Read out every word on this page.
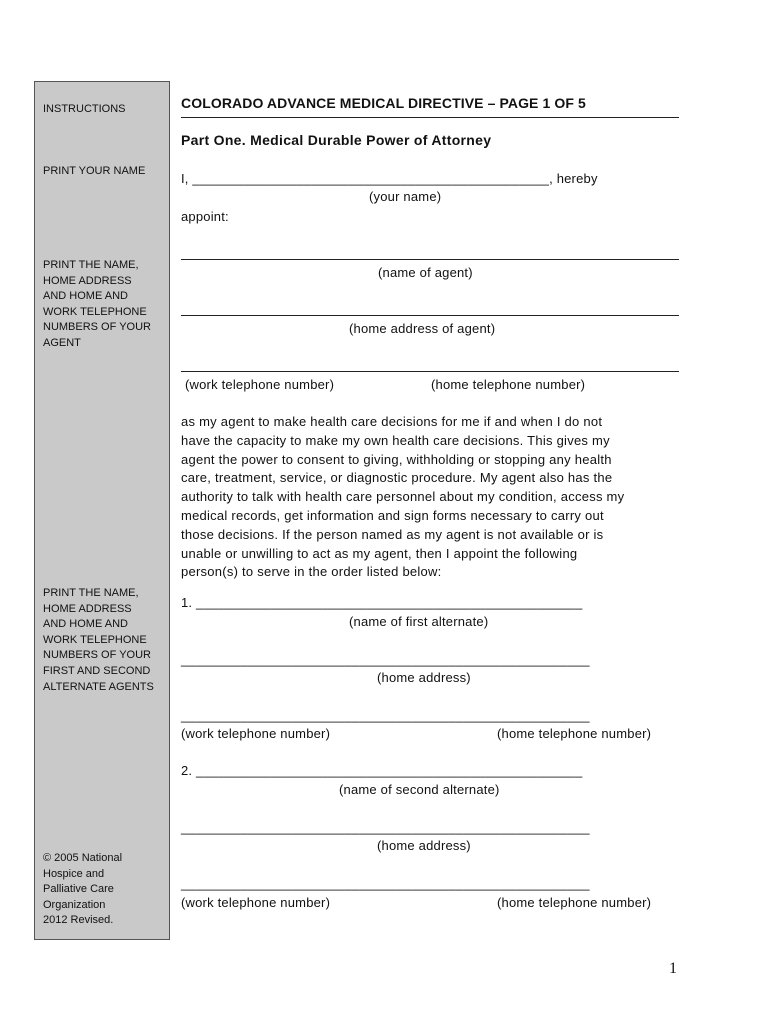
INSTRUCTIONS
PRINT YOUR NAME
PRINT THE NAME,
HOME ADDRESS
AND HOME AND
WORK TELEPHONE
NUMBERS OF YOUR
AGENT
PRINT THE NAME,
HOME ADDRESS
AND HOME AND
WORK TELEPHONE
NUMBERS OF YOUR
FIRST AND SECOND
ALTERNATE AGENTS
© 2005 National
Hospice and
Palliative Care
Organization
2012 Revised.
COLORADO ADVANCE MEDICAL DIRECTIVE – PAGE 1 OF 5
Part One. Medical Durable Power of Attorney
I, ________________________________________________, hereby
(your name)
appoint:
(name of agent)
(home address of agent)
(work telephone number)	(home telephone number)
as my agent to make health care decisions for me if and when I do not
have the capacity to make my own health care decisions. This gives my
agent the power to consent to giving, withholding or stopping any health
care, treatment, service, or diagnostic procedure. My agent also has the
authority to talk with health care personnel about my condition, access my
medical records, get information and sign forms necessary to carry out
those decisions. If the person named as my agent is not available or is
unable or unwilling to act as my agent, then I appoint the following
person(s) to serve in the order listed below:
1. ____________________________________________________
(name of first alternate)
_______________________________________________________
(home address)
_______________________________________________________
(work telephone number)	(home telephone number)
2. ____________________________________________________
(name of second alternate)
_______________________________________________________
(home address)
_______________________________________________________
(work telephone number)	(home telephone number)
1
